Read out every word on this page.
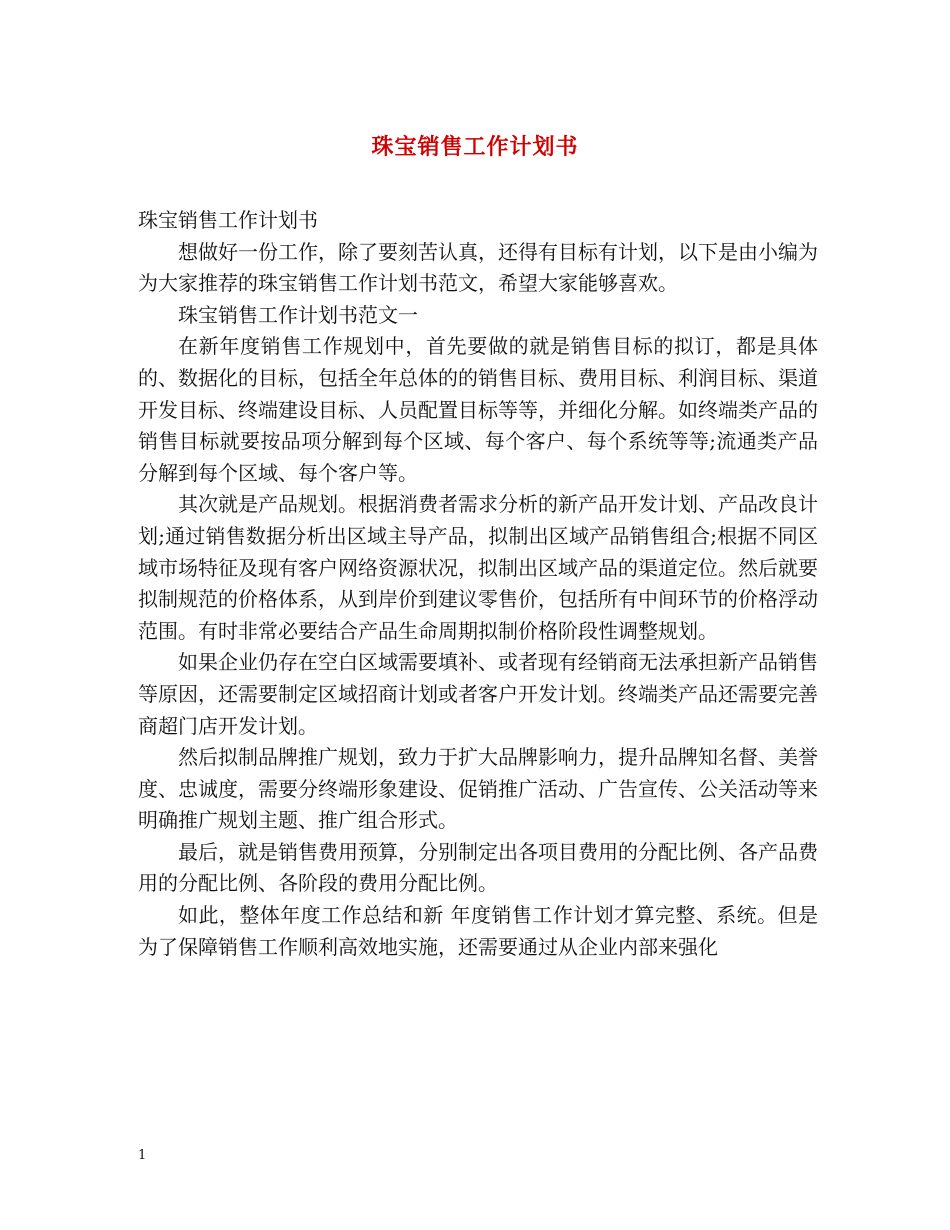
珠宝销售工作计划书

珠宝销售工作计划书

想做好一份工作，除了要刻苦认真，还得有目标有计划，以下是由小编为为大家推荐的珠宝销售工作计划书范文，希望大家能够喜欢。

珠宝销售工作计划书范文一

在新年度销售工作规划中，首先要做的就是销售目标的拟订，都是具体的、数据化的目标，包括全年总体的的销售目标、费用目标、利润目标、渠道开发目标、终端建设目标、人员配置目标等等，并细化分解。如终端类产品的销售目标就要按品项分解到每个区域、每个客户、每个系统等等;流通类产品分解到每个区域、每个客户等。

其次就是产品规划。根据消费者需求分析的新产品开发计划、产品改良计划;通过销售数据分析出区域主导产品，拟制出区域产品销售组合;根据不同区域市场特征及现有客户网络资源状况，拟制出区域产品的渠道定位。然后就要拟制规范的价格体系，从到岸价到建议零售价，包括所有中间环节的价格浮动范围。有时非常必要结合产品生命周期拟制价格阶段性调整规划。

如果企业仍存在空白区域需要填补、或者现有经销商无法承担新产品销售等原因，还需要制定区域招商计划或者客户开发计划。终端类产品还需要完善商超门店开发计划。

然后拟制品牌推广规划，致力于扩大品牌影响力，提升品牌知名督、美誉度、忠诚度，需要分终端形象建设、促销推广活动、广告宣传、公关活动等来明确推广规划主题、推广组合形式。

最后，就是销售费用预算，分别制定出各项目费用的分配比例、各产品费用的分配比例、各阶段的费用分配比例。

如此，整体年度工作总结和新 年度销售工作计划才算完整、系统。但是为了保障销售工作顺利高效地实施，还需要通过从企业内部来强化

1
